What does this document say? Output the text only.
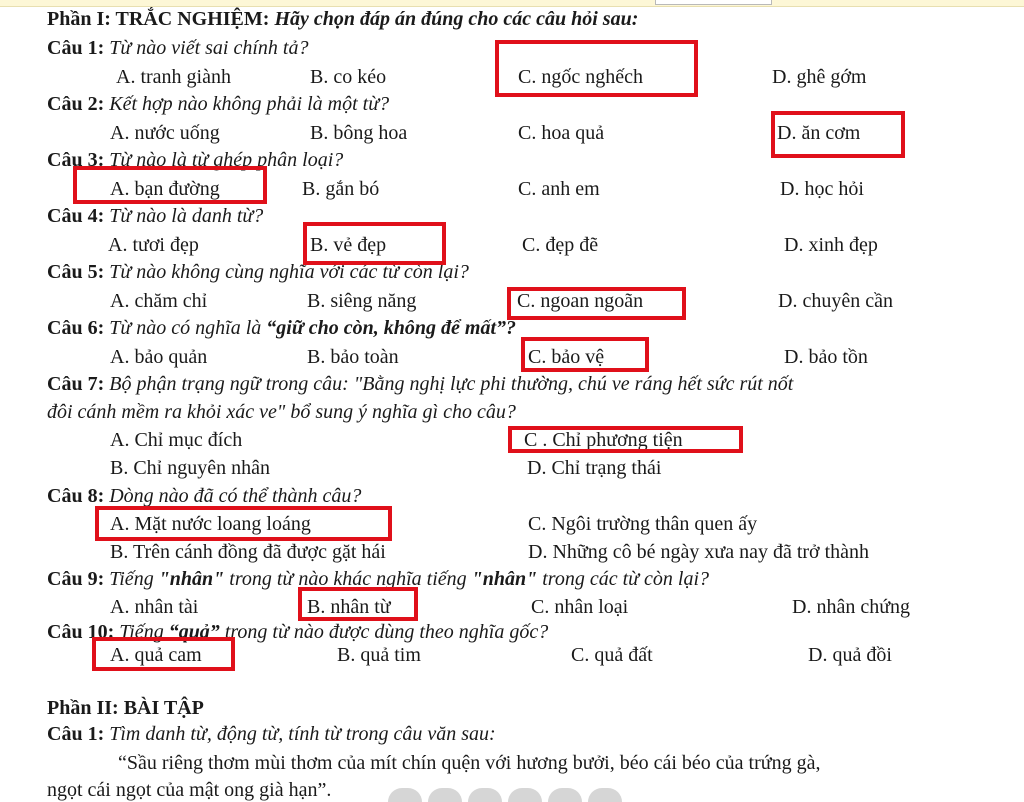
Phần I: TRẮC NGHIỆM: Hãy chọn đáp án đúng cho các câu hỏi sau:
Câu 1: Từ nào viết sai chính tả?
A. tranh giành	B. co kéo	C. ngốc nghếch	D. ghê gớm
Câu 2: Kết hợp nào không phải là một từ?
A. nước uống	B. bông hoa	C. hoa quả	D. ăn cơm
Câu 3: Từ nào là từ ghép phân loại?
A. bạn đường	B. gắn bó	C. anh em	D. học hỏi
Câu 4: Từ nào là danh từ?
A. tươi đẹp	B. vẻ đẹp	C. đẹp đẽ	D. xinh đẹp
Câu 5: Từ nào không cùng nghĩa với các từ còn lại?
A. chăm chỉ	B. siêng năng	C. ngoan ngoãn	D. chuyên cần
Câu 6: Từ nào có nghĩa là “giữ cho còn, không để mất”?
A. bảo quản	B. bảo toàn	C. bảo vệ	D. bảo tồn
Câu 7: Bộ phận trạng ngữ trong câu: "Bằng nghị lực phi thường, chú ve ráng hết sức rút nốt
đôi cánh mềm ra khỏi xác ve" bổ sung ý nghĩa gì cho câu?
A. Chỉ mục đích	C . Chỉ phương tiện
B. Chỉ nguyên nhân	D. Chỉ trạng thái
Câu 8: Dòng nào đã có thể thành câu?
A. Mặt nước loang loáng	C. Ngôi trường thân quen ấy
B. Trên cánh đồng đã được gặt hái	D. Những cô bé ngày xưa nay đã trở thành
Câu 9: Tiếng "nhân" trong từ nào khác nghĩa tiếng "nhân" trong các từ còn lại?
A. nhân tài	B. nhân từ	C. nhân loại	D. nhân chứng
Câu 10: Tiếng “quả” trong từ nào được dùng theo nghĩa gốc?
A. quả cam	B. quả tim	C. quả đất	D. quả đồi
Phần II: BÀI TẬP
Câu 1: Tìm danh từ, động từ, tính từ trong câu văn sau:
“Sầu riêng thơm mùi thơm của mít chín quện với hương bưởi, béo cái béo của trứng gà,
ngọt cái ngọt của mật ong già hạn”.
